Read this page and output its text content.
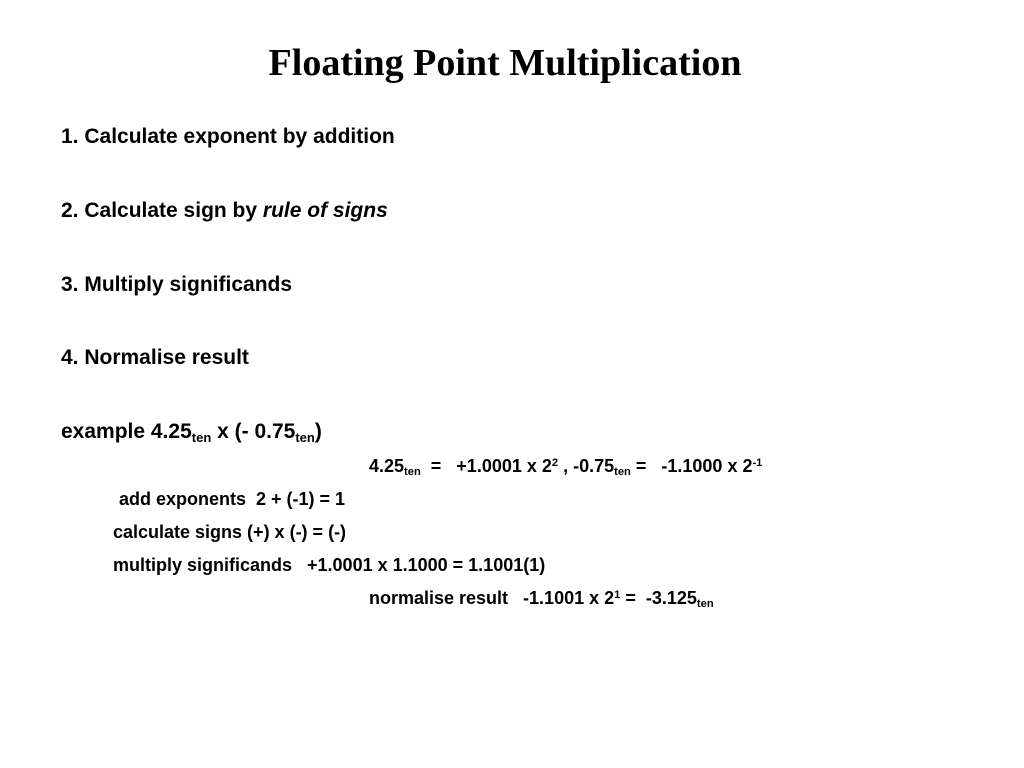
Floating Point Multiplication
1. Calculate exponent by addition
2. Calculate sign by rule of signs
3. Multiply significands
4. Normalise result
example $4.25_{ten}$ x (- $0.75_{ten}$)
$4.25_{ten} = +1.0001$ x $2^2$ , $-0.75_{ten} = -1.1000$ x $2^{-1}$
add exponents  2 + (-1) = 1
calculate signs (+) x (-) = (-)
multiply significands   +1.0001 x 1.1000 = 1.1001(1)
normalise result   -1.1001 x $2^1 = -3.125_{ten}$
